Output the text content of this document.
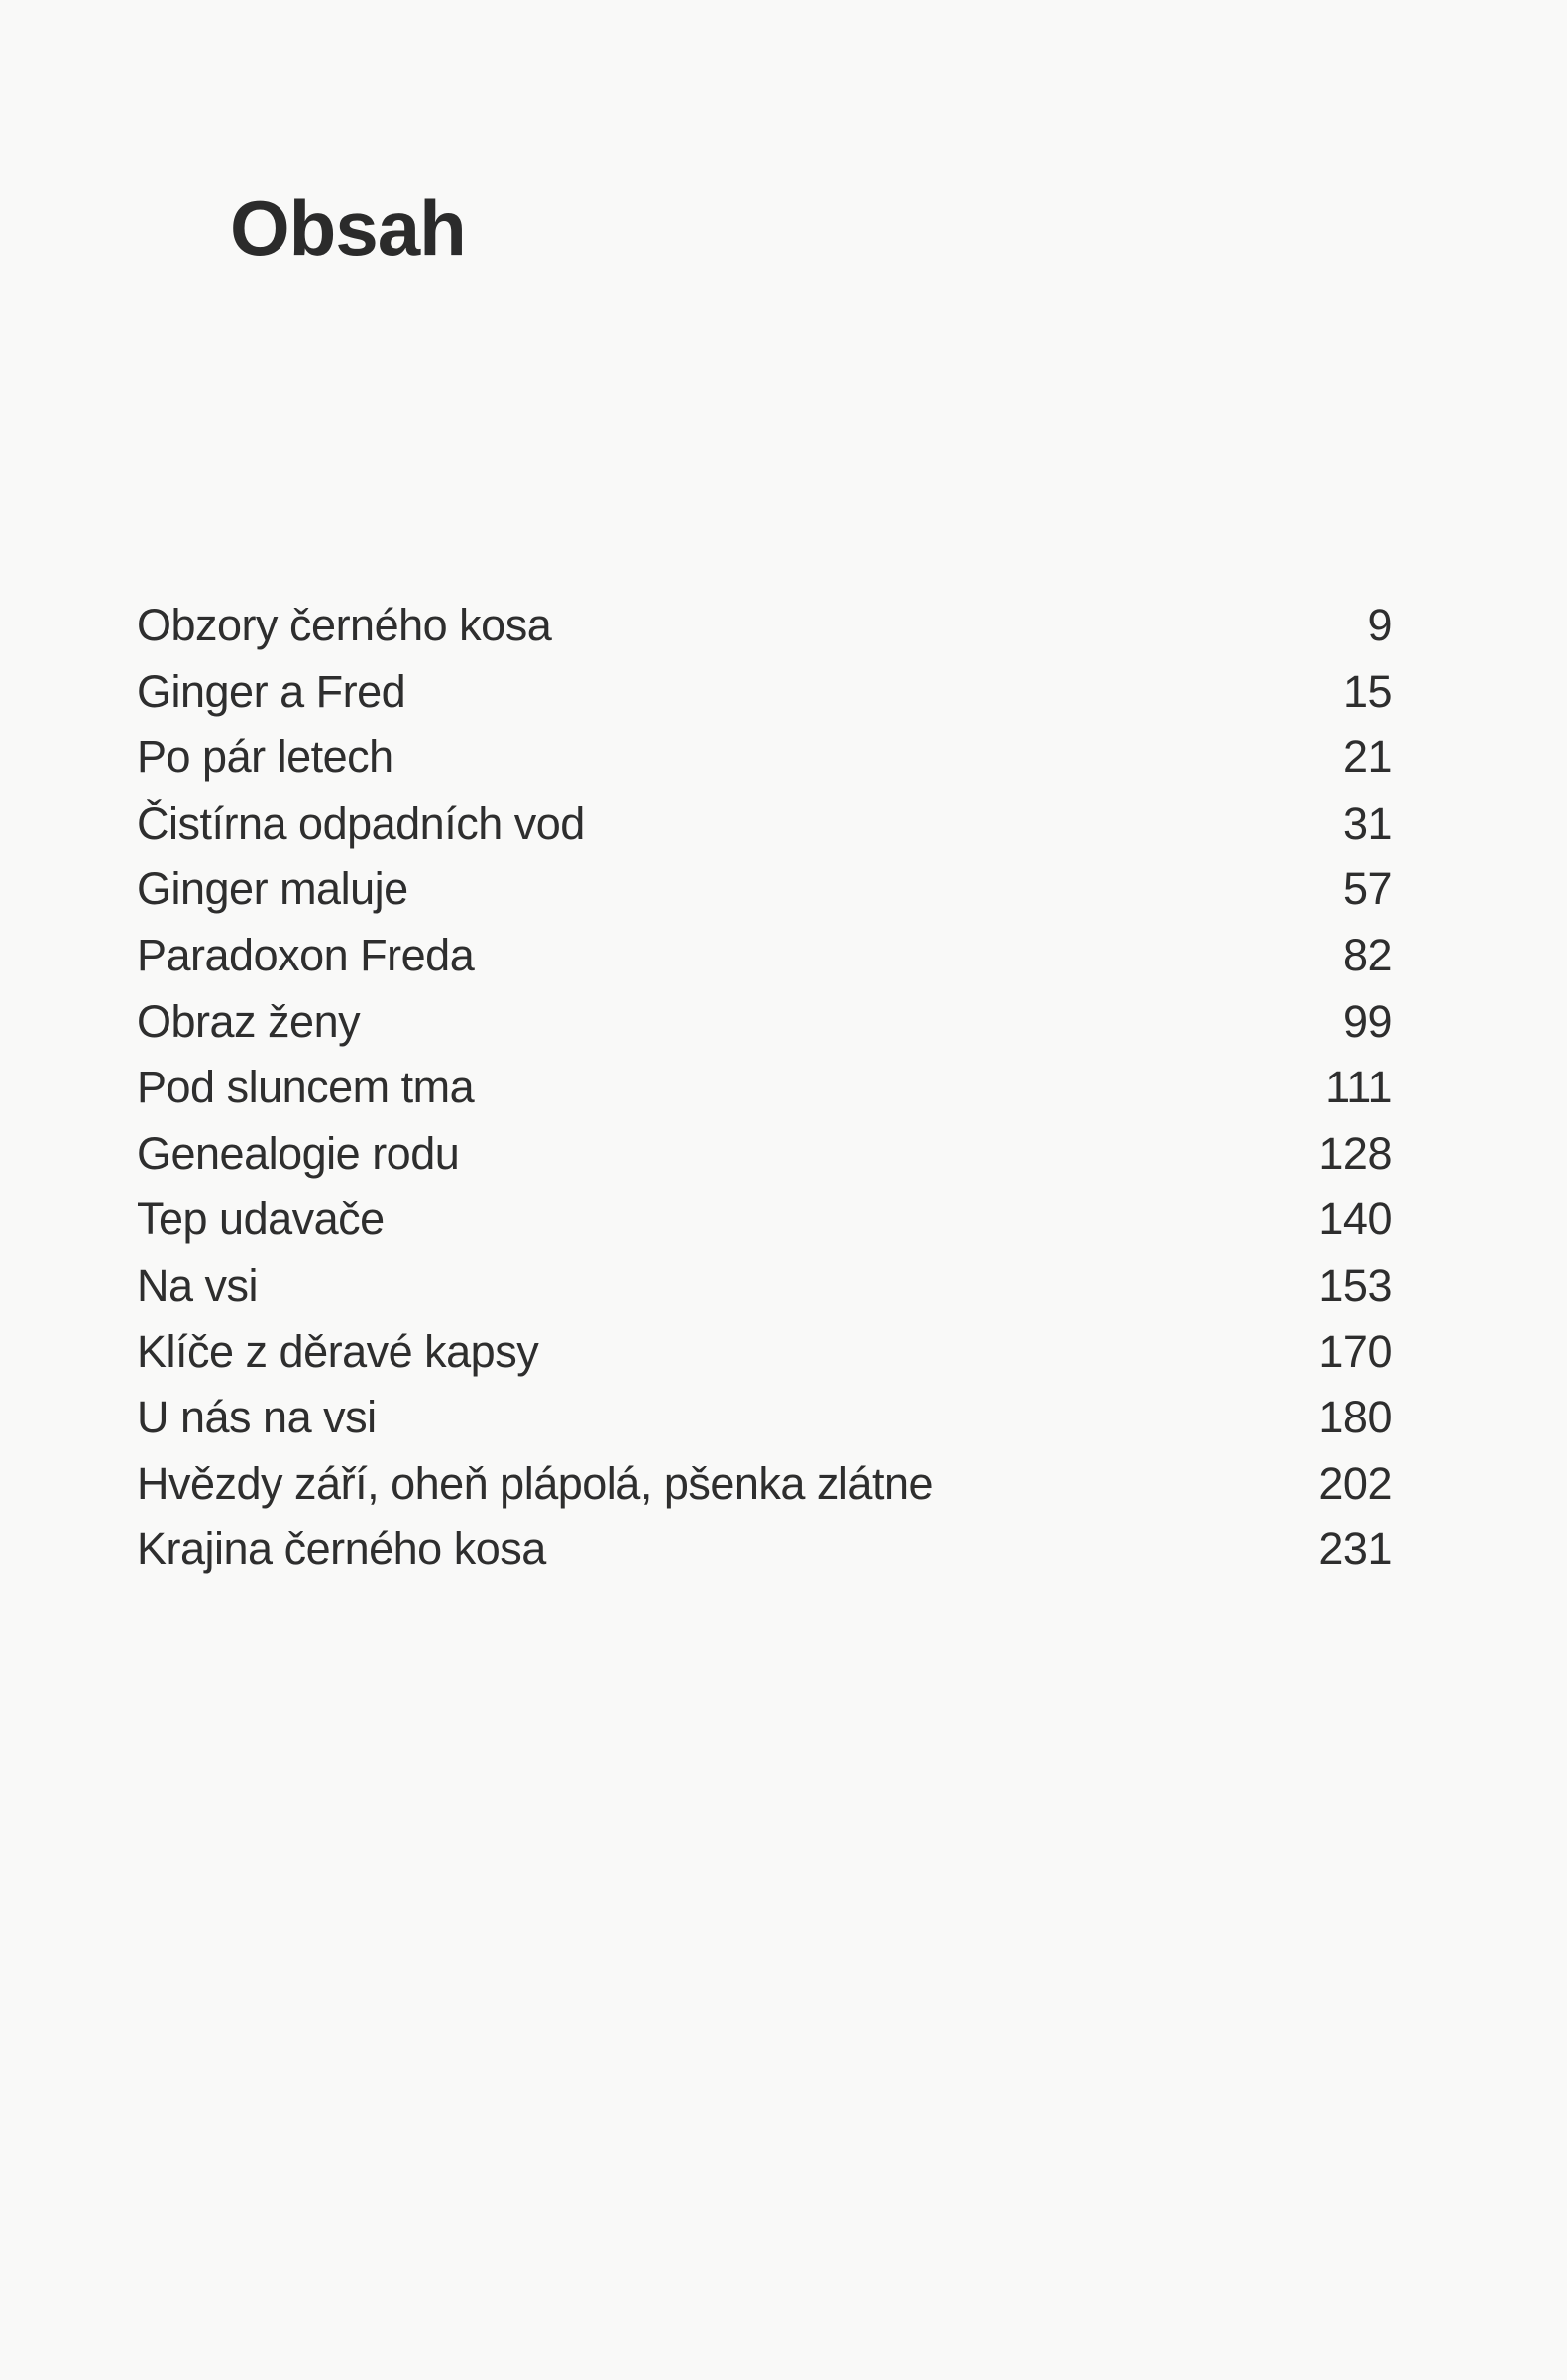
Obsah
Obzory černého kosa	9
Ginger a Fred	15
Po pár letech	21
Čistírna odpadních vod	31
Ginger maluje	57
Paradoxon Freda	82
Obraz ženy	99
Pod sluncem tma	111
Genealogie rodu	128
Tep udavače	140
Na vsi	153
Klíče z děravé kapsy	170
U nás na vsi	180
Hvězdy září, oheň plápolá, pšenka zlátne	202
Krajina černého kosa	231
